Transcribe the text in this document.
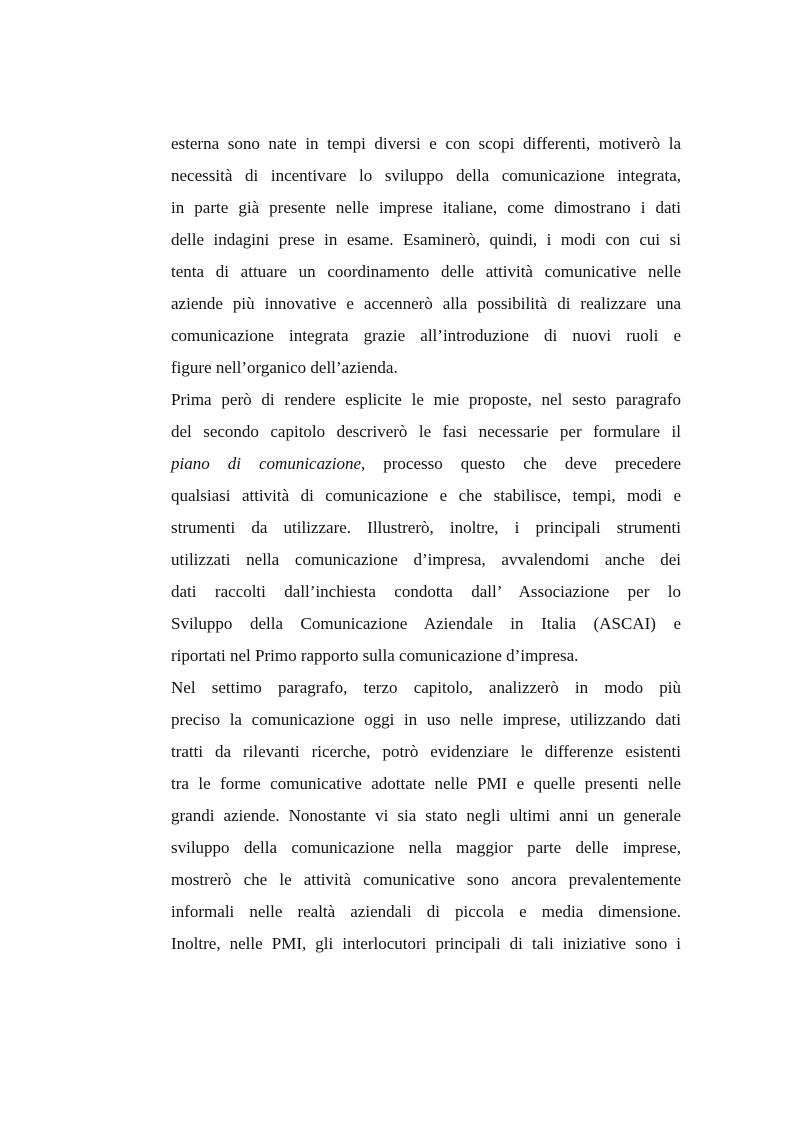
esterna sono nate in tempi diversi e con scopi differenti, motiverò la
necessità di incentivare lo sviluppo della comunicazione integrata,
in parte già presente nelle imprese italiane, come dimostrano i dati
delle indagini prese in esame. Esaminerò, quindi, i modi con cui si
tenta di attuare un coordinamento delle attività comunicative nelle
aziende più innovative e accennerò alla possibilità di realizzare una
comunicazione integrata grazie all’introduzione di nuovi ruoli e
figure nell’organico dell’azienda.
Prima però di rendere esplicite le mie proposte, nel sesto paragrafo
del secondo capitolo descriverò le fasi necessarie per formulare il
piano di comunicazione, processo questo che deve precedere
qualsiasi attività di comunicazione e che stabilisce, tempi, modi e
strumenti da utilizzare. Illustrerò, inoltre, i principali strumenti
utilizzati nella comunicazione d’impresa, avvalendomi anche dei
dati raccolti dall’inchiesta condotta dall’ Associazione per lo
Sviluppo della Comunicazione Aziendale in Italia (ASCAI) e
riportati nel Primo rapporto sulla comunicazione d’impresa.
Nel settimo paragrafo, terzo capitolo, analizzerò in modo più
preciso la comunicazione oggi in uso nelle imprese, utilizzando dati
tratti da rilevanti ricerche, potrò evidenziare le differenze esistenti
tra le forme comunicative adottate nelle PMI e quelle presenti nelle
grandi aziende. Nonostante vi sia stato negli ultimi anni un generale
sviluppo della comunicazione nella maggior parte delle imprese,
mostrerò che le attività comunicative sono ancora prevalentemente
informali nelle realtà aziendali di piccola e media dimensione.
Inoltre, nelle PMI, gli interlocutori principali di tali iniziative sono i
